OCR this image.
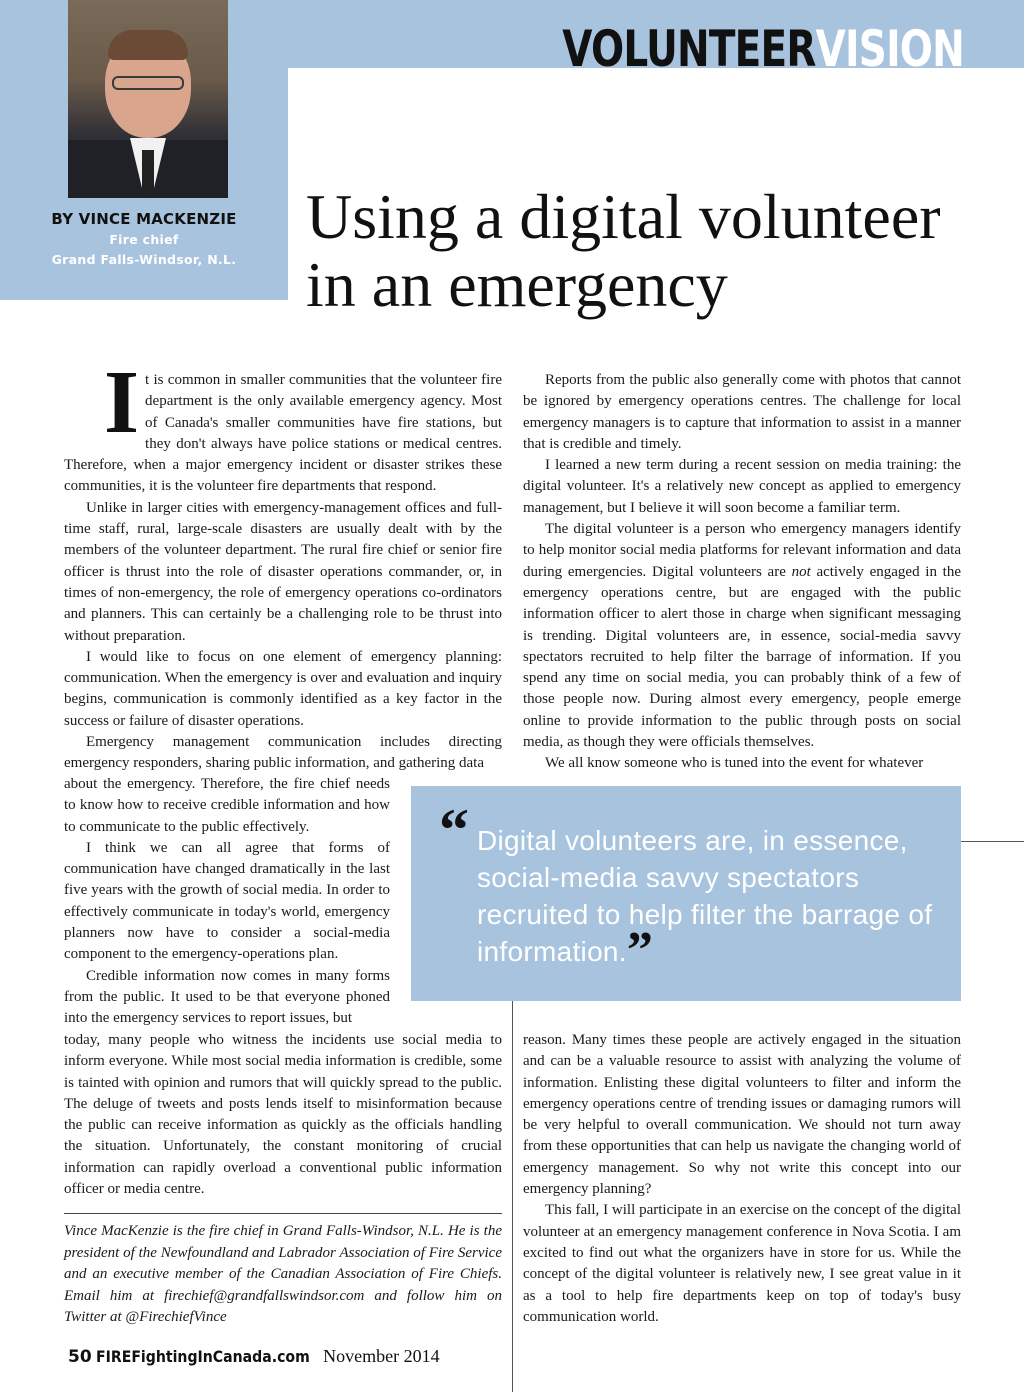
VOLUNTEERVISION

BY VINCE MACKENZIE

Fire chief

Grand Falls-Windsor, N.L.

Using a digital volunteer in an emergency

It is common in smaller communities that the volunteer fire department is the only available emergency agency. Most of Canada's smaller communities have fire stations, but they don't always have police stations or medical centres. Therefore, when a major emergency incident or disaster strikes these communities, it is the volunteer fire departments that respond.

Unlike in larger cities with emergency-management offices and full-time staff, rural, large-scale disasters are usually dealt with by the members of the volunteer department. The rural fire chief or senior fire officer is thrust into the role of disaster operations commander, or, in times of non-emergency, the role of emergency operations co-ordinators and planners. This can certainly be a challenging role to be thrust into without preparation.

I would like to focus on one element of emergency planning: communication. When the emergency is over and evaluation and inquiry begins, communication is commonly identified as a key factor in the success or failure of disaster operations.

Emergency management communication includes directing emergency responders, sharing public information, and gathering data

about the emergency. Therefore, the fire chief needs to know how to receive credible information and how to communicate to the public effectively.

I think we can all agree that forms of communication have changed dramatically in the last five years with the growth of social media. In order to effectively communicate in today's world, emergency planners now have to consider a social-media component to the emergency-operations plan.

Credible information now comes in many forms from the public. It used to be that everyone phoned into the emergency services to report issues, but

today, many people who witness the incidents use social media to inform everyone. While most social media information is credible, some is tainted with opinion and rumors that will quickly spread to the public. The deluge of tweets and posts lends itself to misinformation because the public can receive information as quickly as the officials handling the situation. Unfortunately, the constant monitoring of crucial information can rapidly overload a conventional public information officer or media centre.

Reports from the public also generally come with photos that cannot be ignored by emergency operations centres. The challenge for local emergency managers is to capture that information to assist in a manner that is credible and timely.

I learned a new term during a recent session on media training: the digital volunteer. It's a relatively new concept as applied to emergency management, but I believe it will soon become a familiar term.

The digital volunteer is a person who emergency managers identify to help monitor social media platforms for relevant information and data during emergencies. Digital volunteers are not actively engaged in the emergency operations centre, but are engaged with the public information officer to alert those in charge when significant messaging is trending. Digital volunteers are, in essence, social-media savvy spectators recruited to help filter the barrage of information. If you spend any time on social media, you can probably think of a few of those people now. During almost every emergency, people emerge online to provide information to the public through posts on social media, as though they were officials themselves.

We all know someone who is tuned into the event for whatever

reason. Many times these people are actively engaged in the situation and can be a valuable resource to assist with analyzing the volume of information. Enlisting these digital volunteers to filter and inform the emergency operations centre of trending issues or damaging rumors will be very helpful to overall communication. We should not turn away from these opportunities that can help us navigate the changing world of emergency management. So why not write this concept into our emergency planning?

This fall, I will participate in an exercise on the concept of the digital volunteer at an emergency management conference in Nova Scotia. I am excited to find out what the organizers have in store for us. While the concept of the digital volunteer is relatively new, I see great value in it as a tool to help fire departments keep on top of today's busy communication world.

“ Digital volunteers are, in essence, social-media savvy spectators recruited to help filter the barrage of information.”

Vince MacKenzie is the fire chief in Grand Falls-Windsor, N.L. He is the president of the Newfoundland and Labrador Association of Fire Service and an executive member of the Canadian Association of Fire Chiefs. Email him at firechief@grandfallswindsor.com and follow him on Twitter at @FirechiefVince

50 FIREFightingInCanada.com November 2014
